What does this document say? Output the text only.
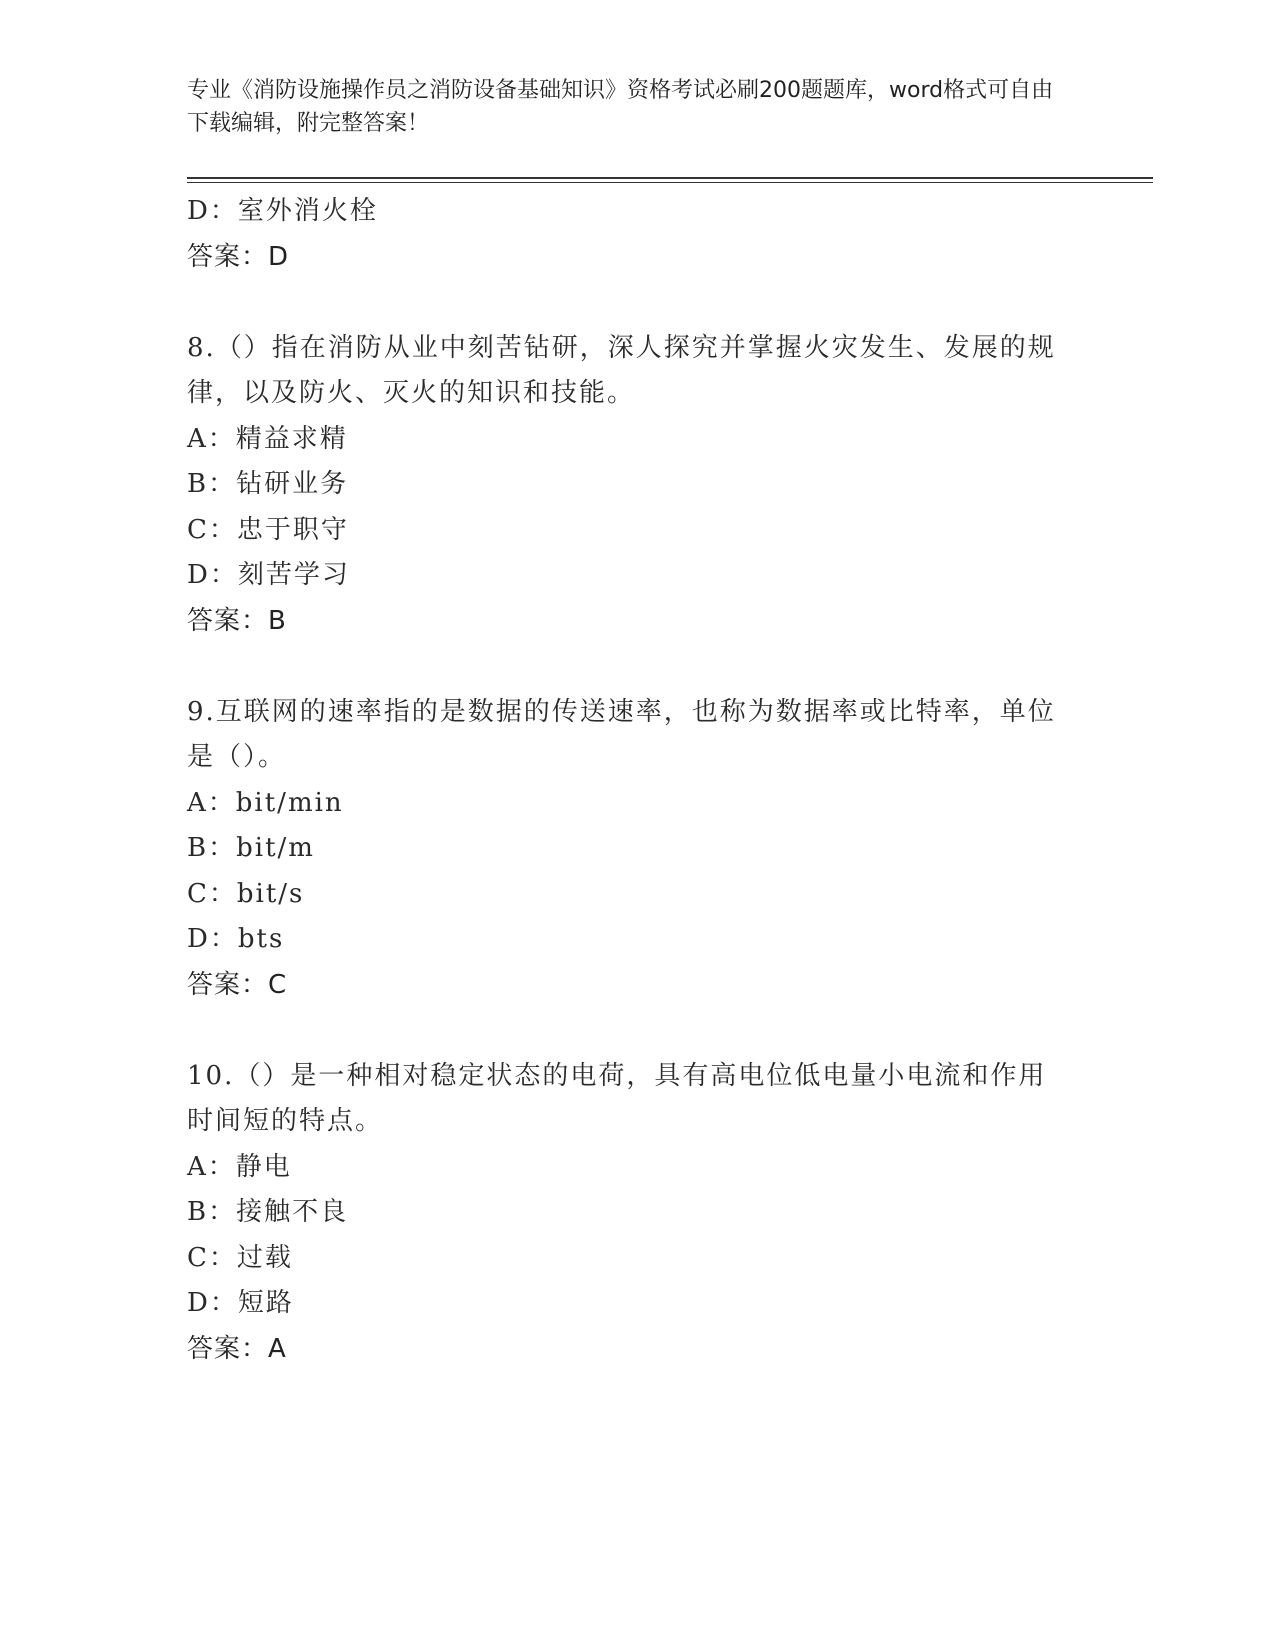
专业《消防设施操作员之消防设备基础知识》资格考试必刷200题题库，word格式可自由下载编辑，附完整答案！
D：室外消火栓
答案：D
8.（）指在消防从业中刻苦钻研，深人探究并掌握火灾发生、发展的规律，以及防火、灭火的知识和技能。
A：精益求精
B：钻研业务
C：忠于职守
D：刻苦学习
答案：B
9.互联网的速率指的是数据的传送速率，也称为数据率或比特率，单位是（）。
A：bit/min
B：bit/m
C：bit/s
D：bts
答案：C
10.（）是一种相对稳定状态的电荷，具有高电位低电量小电流和作用时间短的特点。
A：静电
B：接触不良
C：过载
D：短路
答案：A
